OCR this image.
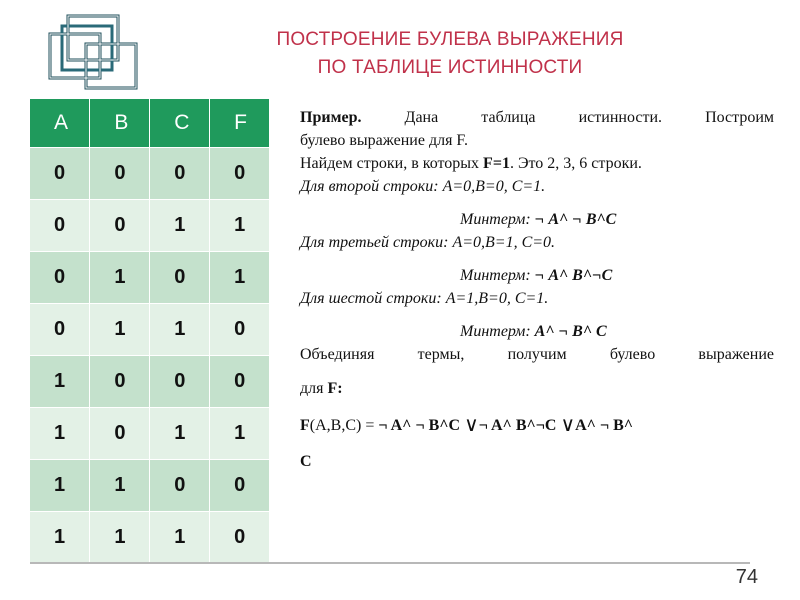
ПОСТРОЕНИЕ БУЛЕВА ВЫРАЖЕНИЯ
ПО ТАБЛИЦЕ ИСТИННОСТИ
A	B	C	F
0	0	0	0
0	0	1	1
0	1	0	1
0	1	1	0
1	0	0	0
1	0	1	1
1	1	0	0
1	1	1	0

Пример. Дана таблица истинности. Построим

булево выражение для F.

Найдем строки, в которых F=1. Это 2, 3, 6 строки.

Для второй строки: A=0,B=0, C=1.

Минтерм: ¬ A^ ¬ B^C

Для третьей строки: A=0,B=1, C=0.

Минтерм: ¬ A^ B^¬C

Для шестой строки: A=1,B=0, C=1.

Минтерм: A^ ¬ B^ C

Объединяя термы, получим булево выражение

для F:

F(A,B,C) = ¬ A^ ¬ B^C ∨¬ A^ B^¬C ∨A^ ¬ B^

C

74
